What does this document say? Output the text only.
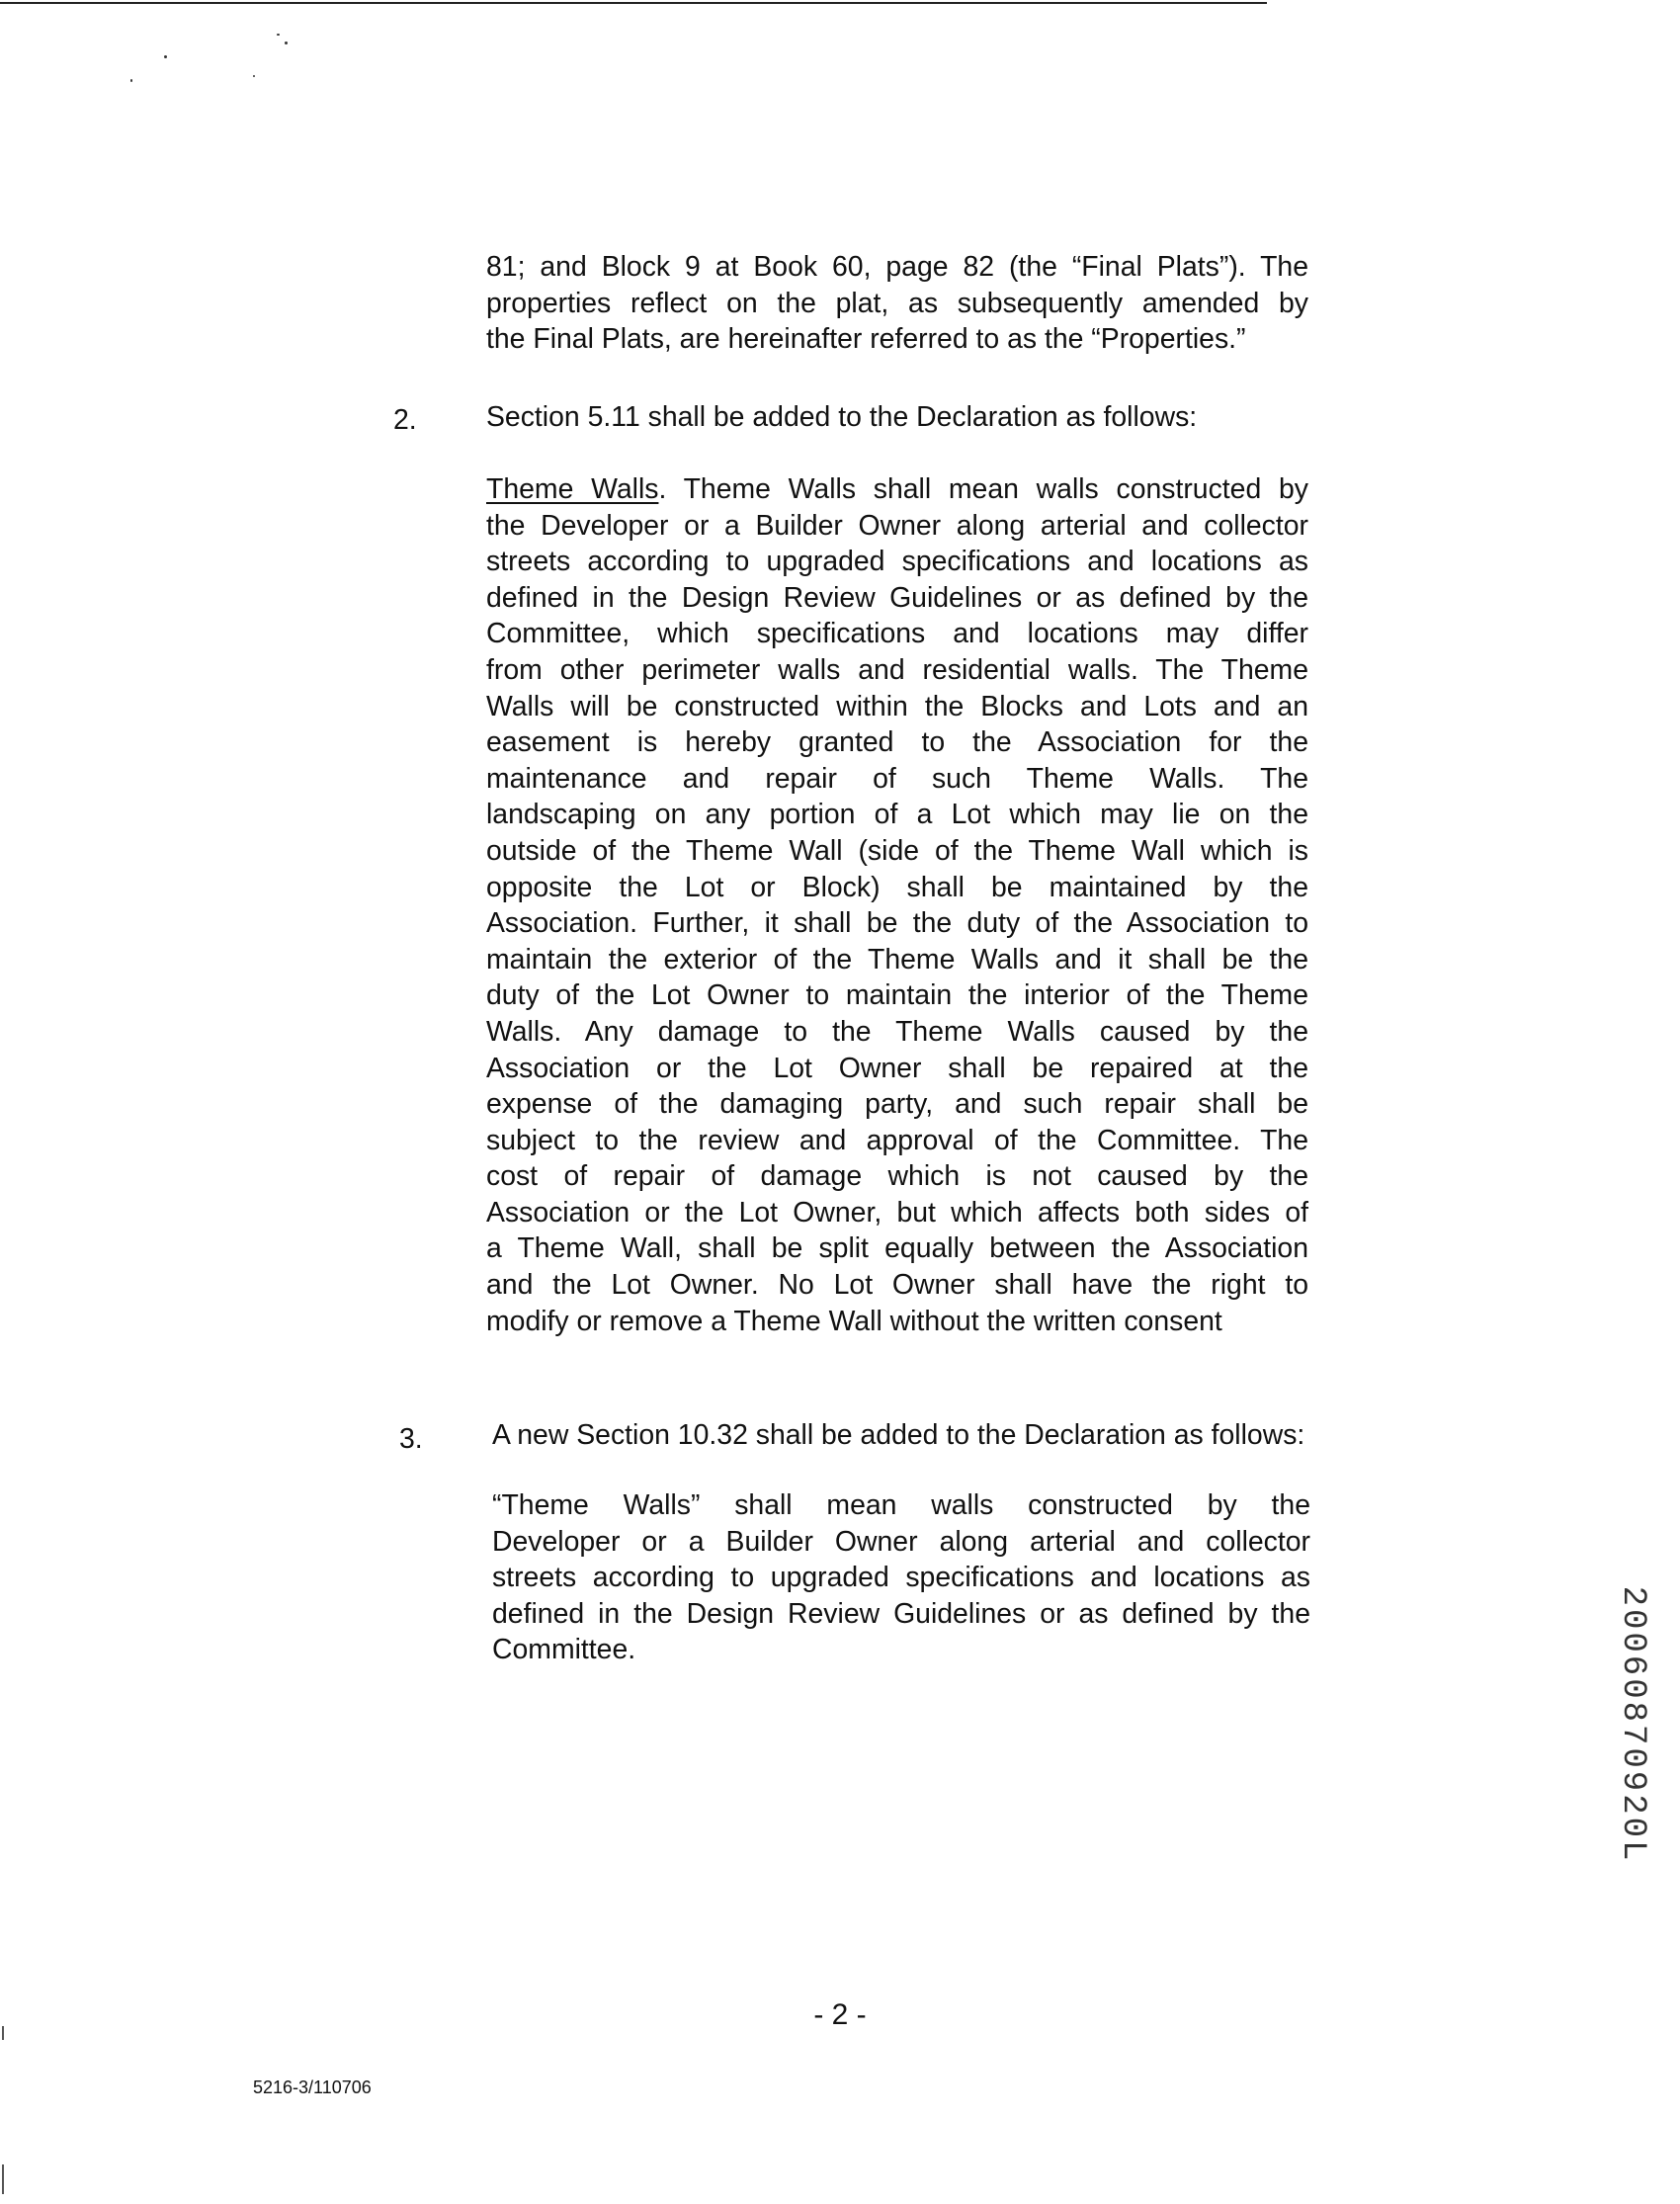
81; and Block 9 at Book 60, page 82 (the “Final Plats”). The
properties reflect on the plat, as subsequently amended by
the Final Plats, are hereinafter referred to as the “Properties.”
2. Section 5.11 shall be added to the Declaration as follows:
Theme Walls. Theme Walls shall mean walls constructed by
the Developer or a Builder Owner along arterial and collector
streets according to upgraded specifications and locations as
defined in the Design Review Guidelines or as defined by the
Committee, which specifications and locations may differ
from other perimeter walls and residential walls. The Theme
Walls will be constructed within the Blocks and Lots and an
easement is hereby granted to the Association for the
maintenance and repair of such Theme Walls. The
landscaping on any portion of a Lot which may lie on the
outside of the Theme Wall (side of the Theme Wall which is
opposite the Lot or Block) shall be maintained by the
Association. Further, it shall be the duty of the Association to
maintain the exterior of the Theme Walls and it shall be the
duty of the Lot Owner to maintain the interior of the Theme
Walls. Any damage to the Theme Walls caused by the
Association or the Lot Owner shall be repaired at the
expense of the damaging party, and such repair shall be
subject to the review and approval of the Committee. The
cost of repair of damage which is not caused by the
Association or the Lot Owner, but which affects both sides of
a Theme Wall, shall be split equally between the Association
and the Lot Owner. No Lot Owner shall have the right to
modify or remove a Theme Wall without the written consent
3. A new Section 10.32 shall be added to the Declaration as follows:
“Theme Walls” shall mean walls constructed by the
Developer or a Builder Owner along arterial and collector
streets according to upgraded specifications and locations as
defined in the Design Review Guidelines or as defined by the
Committee.	20060870920L
- 2 -
5216-3/110706
